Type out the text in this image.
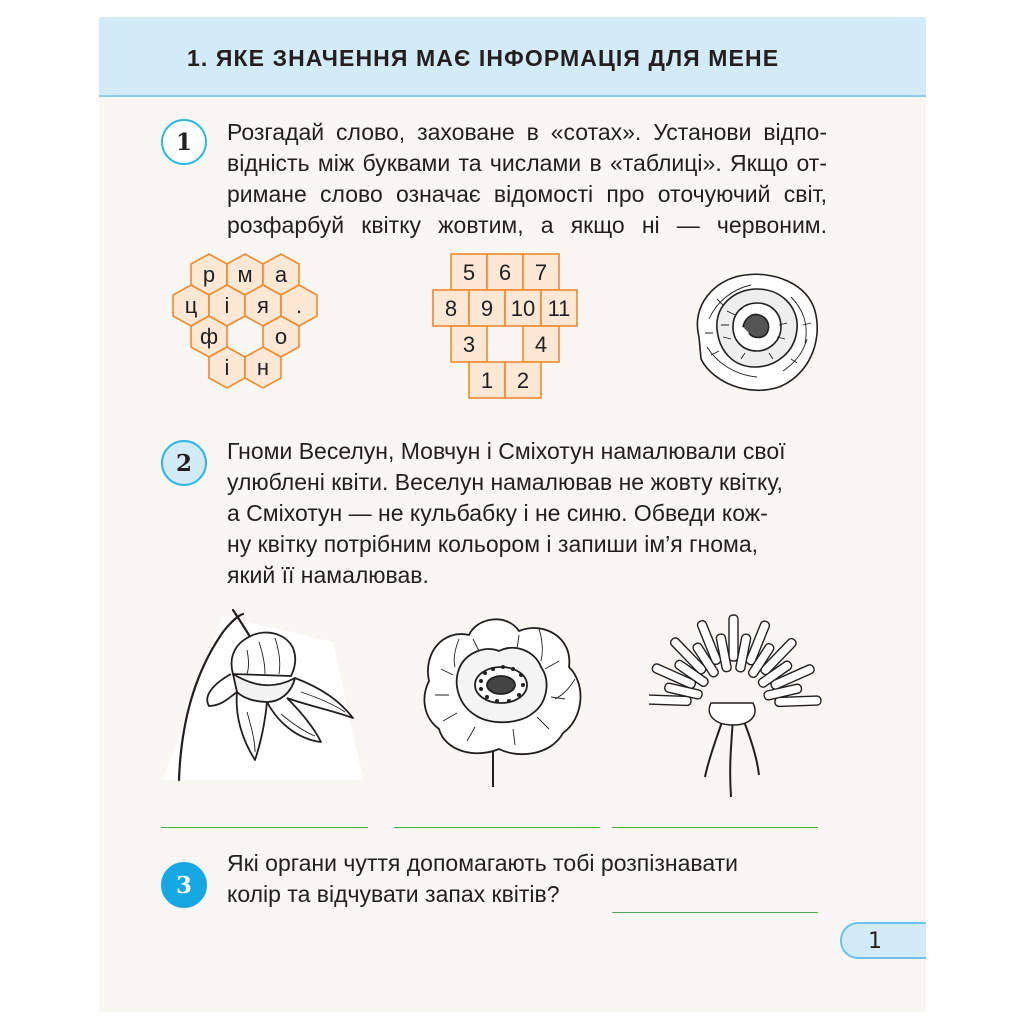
1. ЯКЕ ЗНАЧЕННЯ МАЄ ІНФОРМАЦІЯ ДЛЯ МЕНЕ
1 Розгадай слово, заховане в «сотах». Установи відпо-
відність між буквами та числами в «таблиці». Якщо от-
римане слово означає відомості про оточуючий світ,
розфарбуй квітку жовтим, а якщо ні — червоним.
р м а
ц і я .
ф	о
і н
5 6 7
8 9 10 11
3	4
1 2
2 Гноми Веселун, Мовчун і Сміхотун намалювали свої
улюблені квіти. Веселун намалював не жовту квітку,
а Сміхотун — не кульбабку і не синю. Обведи кож-
ну квітку потрібним кольором і запиши ім’я гнома,
який її намалював.
3
Які органи чуття допомагають тобі розпізнавати
колір та відчувати запах квітів?
1
